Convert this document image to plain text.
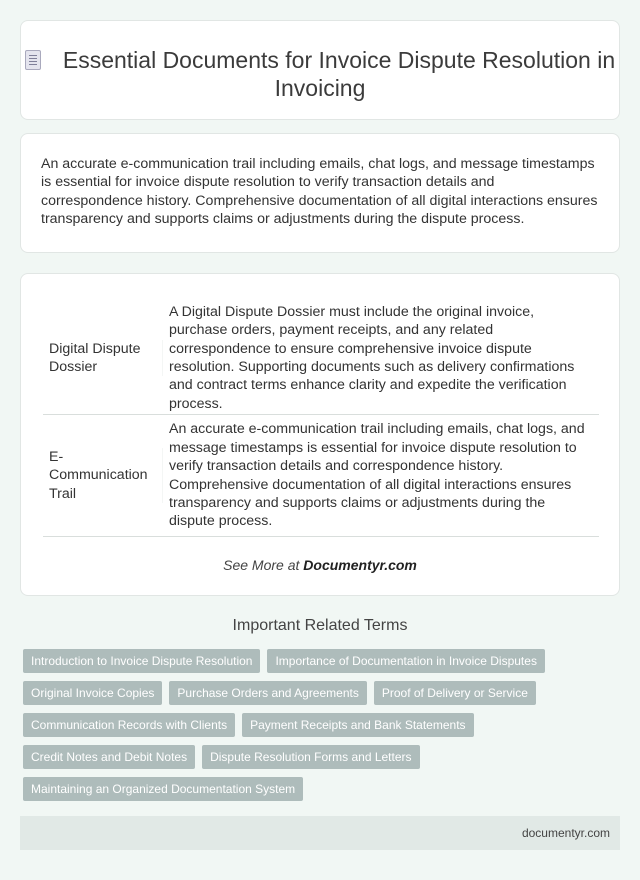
Essential Documents for Invoice Dispute Resolution in Invoicing

An accurate e-communication trail including emails, chat logs, and message timestamps is essential for invoice dispute resolution to verify transaction details and correspondence history. Comprehensive documentation of all digital interactions ensures transparency and supports claims or adjustments during the dispute process.

Digital Dispute Dossier
A Digital Dispute Dossier must include the original invoice, purchase orders, payment receipts, and any related correspondence to ensure comprehensive invoice dispute resolution. Supporting documents such as delivery confirmations and contract terms enhance clarity and expedite the verification process.
E-Communication Trail
An accurate e-communication trail including emails, chat logs, and message timestamps is essential for invoice dispute resolution to verify transaction details and correspondence history. Comprehensive documentation of all digital interactions ensures transparency and supports claims or adjustments during the dispute process.
See More at Documentyr.com
Important Related Terms
Introduction to Invoice Dispute Resolution	Importance of Documentation in Invoice Disputes
Original Invoice Copies	Purchase Orders and Agreements	Proof of Delivery or Service
Communication Records with Clients	Payment Receipts and Bank Statements
Credit Notes and Debit Notes	Dispute Resolution Forms and Letters
Maintaining an Organized Documentation System
documentyr.com
